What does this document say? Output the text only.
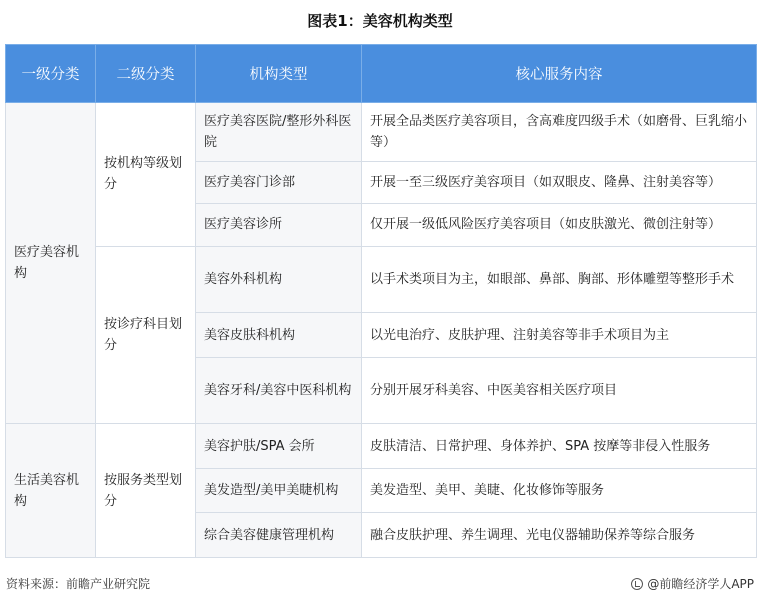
图表1：美容机构类型
一级分类	二级分类	机构类型	核心服务内容
医疗美容机构	按机构等级划分	医疗美容医院/整形外科医院	开展全品类医疗美容项目，含高难度四级手术（如磨骨、巨乳缩小等）
		医疗美容门诊部	开展一至三级医疗美容项目（如双眼皮、隆鼻、注射美容等）
		医疗美容诊所	仅开展一级低风险医疗美容项目（如皮肤激光、微创注射等）
	按诊疗科目划分	美容外科机构	以手术类项目为主，如眼部、鼻部、胸部、形体雕塑等整形手术
		美容皮肤科机构	以光电治疗、皮肤护理、注射美容等非手术项目为主
		美容牙科/美容中医科机构	分别开展牙科美容、中医美容相关医疗项目
生活美容机构	按服务类型划分	美容护肤/SPA 会所	皮肤清洁、日常护理、身体养护、SPA 按摩等非侵入性服务
		美发造型/美甲美睫机构	美发造型、美甲、美睫、化妆修饰等服务
		综合美容健康管理机构	融合皮肤护理、养生调理、光电仪器辅助保养等综合服务
资料来源：前瞻产业研究院	@前瞻经济学人APP
